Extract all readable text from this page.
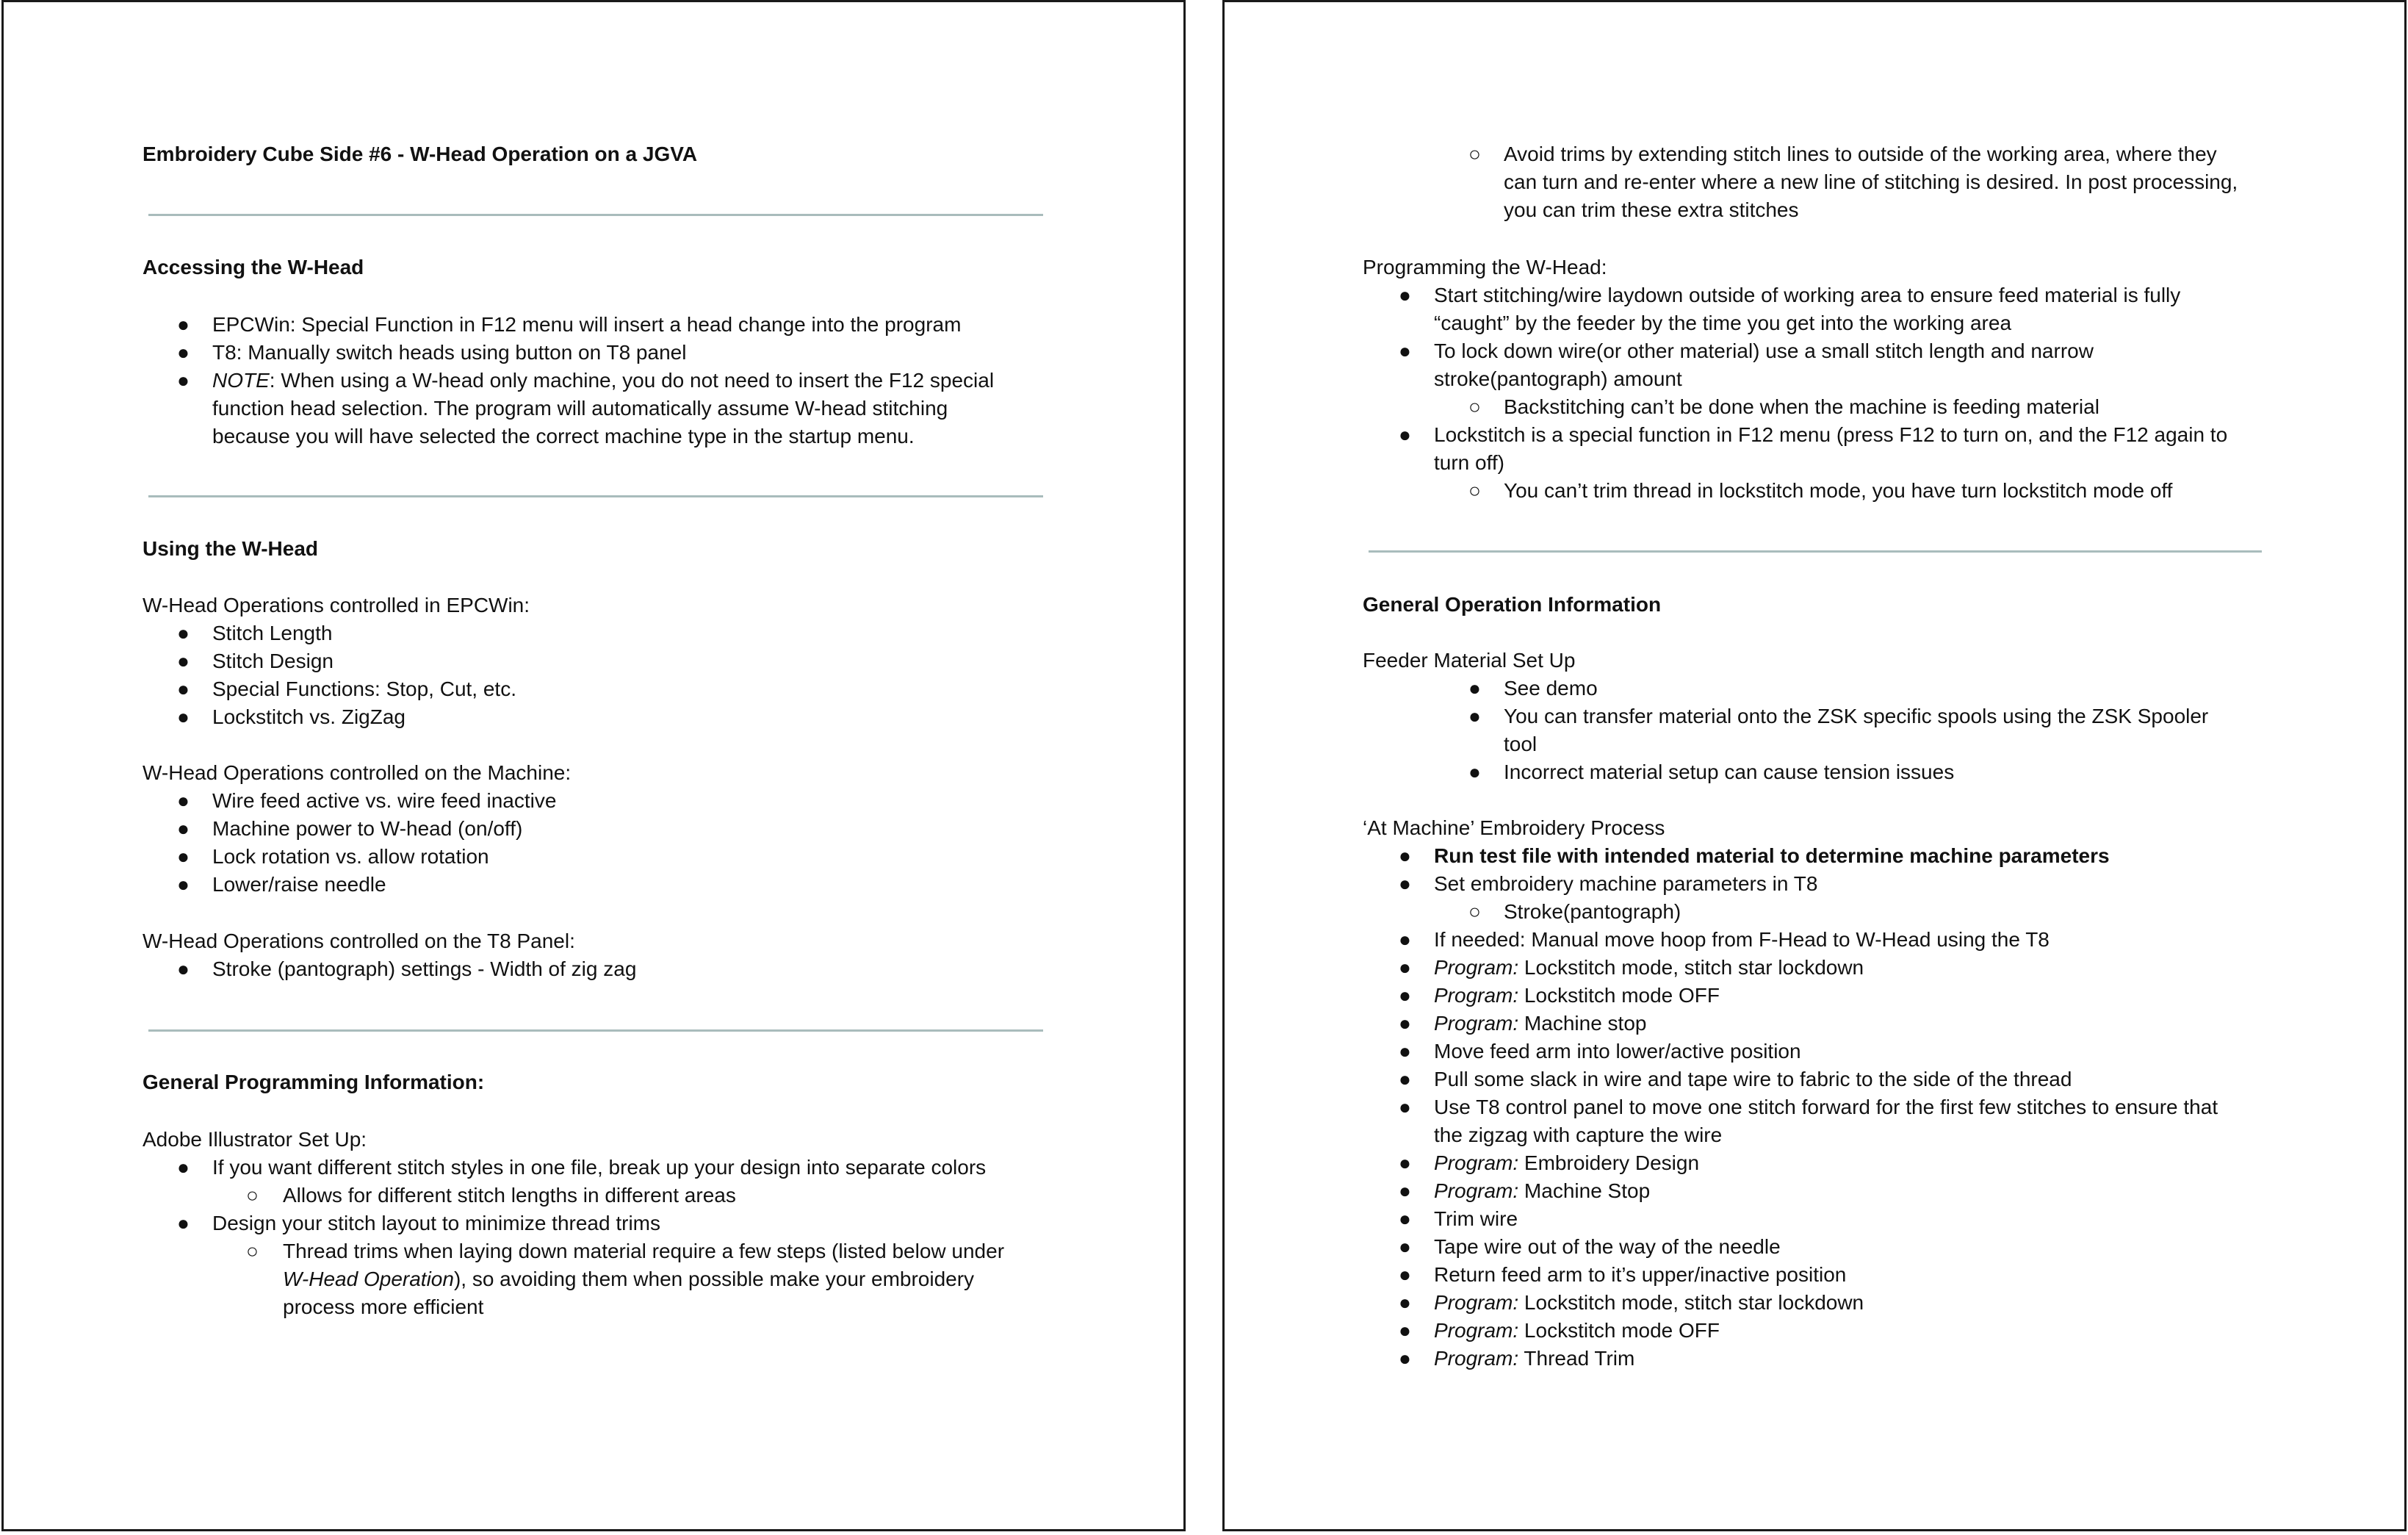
Embroidery Cube Side #6 - W-Head Operation on a JGVA
Accessing the W-Head
● EPCWin: Special Function in F12 menu will insert a head change into the program
● T8: Manually switch heads using button on T8 panel
● NOTE: When using a W-head only machine, you do not need to insert the F12 special
function head selection. The program will automatically assume W-head stitching
because you will have selected the correct machine type in the startup menu.
Using the W-Head
W-Head Operations controlled in EPCWin:
● Stitch Length
● Stitch Design
● Special Functions: Stop, Cut, etc.
● Lockstitch vs. ZigZag
W-Head Operations controlled on the Machine:
● Wire feed active vs. wire feed inactive
● Machine power to W-head (on/off)
● Lock rotation vs. allow rotation
● Lower/raise needle
W-Head Operations controlled on the T8 Panel:
● Stroke (pantograph) settings - Width of zig zag
General Programming Information:
Adobe Illustrator Set Up:
● If you want different stitch styles in one file, break up your design into separate colors
○ Allows for different stitch lengths in different areas
● Design your stitch layout to minimize thread trims
○ Thread trims when laying down material require a few steps (listed below under
W-Head Operation), so avoiding them when possible make your embroidery
process more efficient
○ Avoid trims by extending stitch lines to outside of the working area, where they
can turn and re-enter where a new line of stitching is desired. In post processing,
you can trim these extra stitches
Programming the W-Head:
● Start stitching/wire laydown outside of working area to ensure feed material is fully
“caught” by the feeder by the time you get into the working area
● To lock down wire(or other material) use a small stitch length and narrow
stroke(pantograph) amount
○ Backstitching can’t be done when the machine is feeding material
● Lockstitch is a special function in F12 menu (press F12 to turn on, and the F12 again to
turn off)
○ You can’t trim thread in lockstitch mode, you have turn lockstitch mode off
General Operation Information
Feeder Material Set Up
● See demo
● You can transfer material onto the ZSK specific spools using the ZSK Spooler
tool
● Incorrect material setup can cause tension issues
‘At Machine’ Embroidery Process
● Run test file with intended material to determine machine parameters
● Set embroidery machine parameters in T8
○ Stroke(pantograph)
● If needed: Manual move hoop from F-Head to W-Head using the T8
● Program: Lockstitch mode, stitch star lockdown
● Program: Lockstitch mode OFF
● Program: Machine stop
● Move feed arm into lower/active position
● Pull some slack in wire and tape wire to fabric to the side of the thread
● Use T8 control panel to move one stitch forward for the first few stitches to ensure that
the zigzag with capture the wire
● Program: Embroidery Design
● Program: Machine Stop
● Trim wire
● Tape wire out of the way of the needle
● Return feed arm to it’s upper/inactive position
● Program: Lockstitch mode, stitch star lockdown
● Program: Lockstitch mode OFF
● Program: Thread Trim
